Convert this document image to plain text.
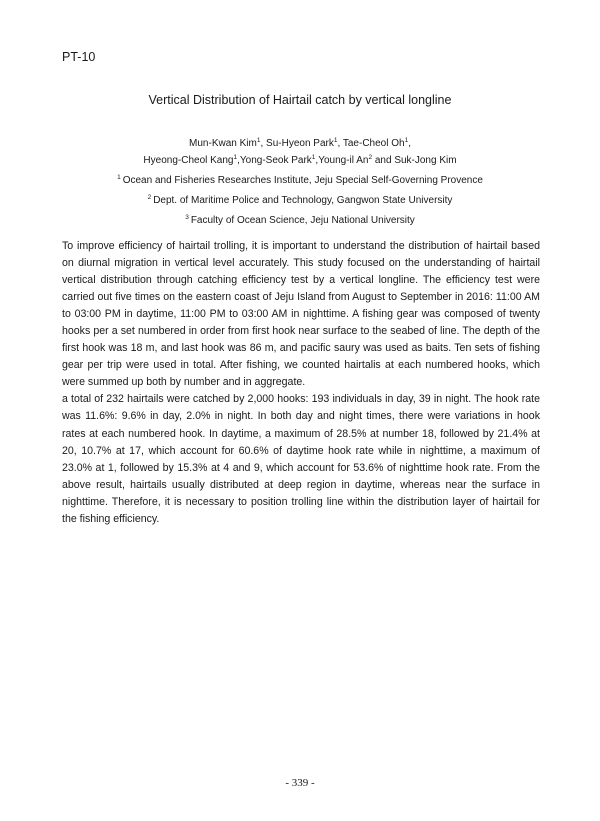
PT-10
Vertical Distribution of Hairtail catch by vertical longline
Mun-Kwan Kim$^1$, Su-Hyeon Park$^1$, Tae-Cheol Oh$^1$,
Hyeong-Cheol Kang$^1$,Yong-Seok Park$^1$,Young-il An$^2$ and Suk-Jong Kim
$^1$ Ocean and Fisheries Researches Institute, Jeju Special Self-Governing Provence
$^2$ Dept. of Maritime Police and Technology, Gangwon State University
$^3$ Faculty of Ocean Science, Jeju National University

To improve efficiency of hairtail trolling, it is important to understand the distribution of hairtail based on diurnal migration in vertical level accurately. This study focused on the understanding of hairtail vertical distribution through catching efficiency test by a vertical longline. The efficiency test were carried out five times on the eastern coast of Jeju Island from August to September in 2016: 11:00 AM to 03:00 PM in daytime, 11:00 PM to 03:00 AM in nighttime. A fishing gear was composed of twenty hooks per a set numbered in order from first hook near surface to the seabed of line. The depth of the first hook was 18 m, and last hook was 86 m, and pacific saury was used as baits. Ten sets of fishing gear per trip were used in total. After fishing, we counted hairtalis at each numbered hooks, which were summed up both by number and in aggregate.

a total of 232 hairtails were catched by 2,000 hooks: 193 individuals in day, 39 in night. The hook rate was 11.6%: 9.6% in day, 2.0% in night. In both day and night times, there were variations in hook rates at each numbered hook. In daytime, a maximum of 28.5% at number 18, followed by 21.4% at 20, 10.7% at 17, which account for 60.6% of daytime hook rate while in nighttime, a maximum of 23.0% at 1, followed by 15.3% at 4 and 9, which account for 53.6% of nighttime hook rate. From the above result, hairtails usually distributed at deep region in daytime, whereas near the surface in nighttime. Therefore, it is necessary to position trolling line within the distribution layer of hairtail for the fishing efficiency.

- 339 -
